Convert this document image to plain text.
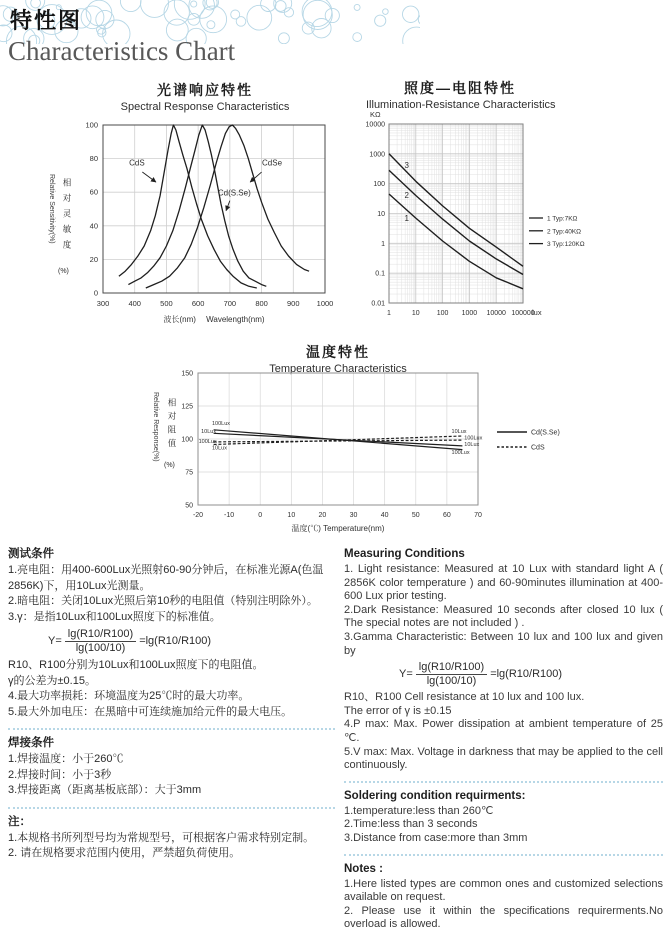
特性图
Characteristics Chart
光谱响应特性
Spectral Response Characteristics
Relative Sensitivity(%) 相对灵敏度
(%)
300	400	500	600	700	800	900 1000
0
20
40
60
80
100
波长(nm)　 Wavelength(nm)
CdS
Cd(S.Se)
CdSe
照度—电阻特性
Illumination-Resistance Characteristics
3
2
1
KΩ
10000
1000
100
10
1
0.1
0.01
1	10 100 1000 10000 100000
lux
1 Typ:7KΩ
2 Typ:40KΩ
3 Typ:120KΩ
温度特性
Temperature Characteristics
Relative Response(%) 相对阻值
(%)
100Lux
10Lux
100Lux
10Lux
10Lux
100Lux
10Lux
100Lux
-20	-10	0	10	20	30	40	50	60	70
50
75
100
125
150
温度(℃) Temperature(nm)
Cd(S.Se)
CdS
测试条件
1.亮电阻：用400-600Lux光照射60-90分钟后，在标准光源A(色温2856K)下，用10Lux光测量。
2.暗电阻：关闭10Lux光照后第10秒的电阻值（特别注明除外）。
3.γ：是指10Lux和100Lux照度下的标准值。
$Y= \frac{\lg(R10/R100)}{\lg(100/10)} =\lg(R10/R100)$
R10、R100分别为10Lux和100Lux照度下的电阻值。
γ的公差为±0.15。
4.最大功率损耗：环境温度为25℃时的最大功率。
5.最大外加电压：在黑暗中可连续施加给元件的最大电压。
焊接条件
1.焊接温度：小于260℃
2.焊接时间：小于3秒
3.焊接距离（距离基板底部）：大于3mm
注：
1.本规格书所列型号均为常规型号，可根据客户需求特别定制。
2. 请在规格要求范围内使用，严禁超负荷使用。
Measuring Conditions
1. Light resistance: Measured at 10 Lux with standard light A ( 2856K color temperature ) and 60-90minutes illumination at 400-600 Lux prior testing.
2.Dark Resistance: Measured 10 seconds after closed 10 lux ( The special notes are not included ) .
3.Gamma Characteristic: Between 10 lux and 100 lux and given by
$Y= \frac{\lg(R10/R100)}{\lg(100/10)} =\lg(R10/R100)$
R10、R100 Cell resistance at 10 lux and 100 lux.
The error of γ is ±0.15
4.P max: Max. Power dissipation at ambient temperature of 25 ℃.
5.V max: Max. Voltage in darkness that may be applied to the cell continuously.
Soldering condition requirments:
1.temperature:less than 260℃
2.Time:less than 3 seconds
3.Distance from case:more than 3mm
Notes :
1.Here listed types are common ones and customized selections available on request.
2. Please use it within the specifications requirerments.No overload is allowed.
